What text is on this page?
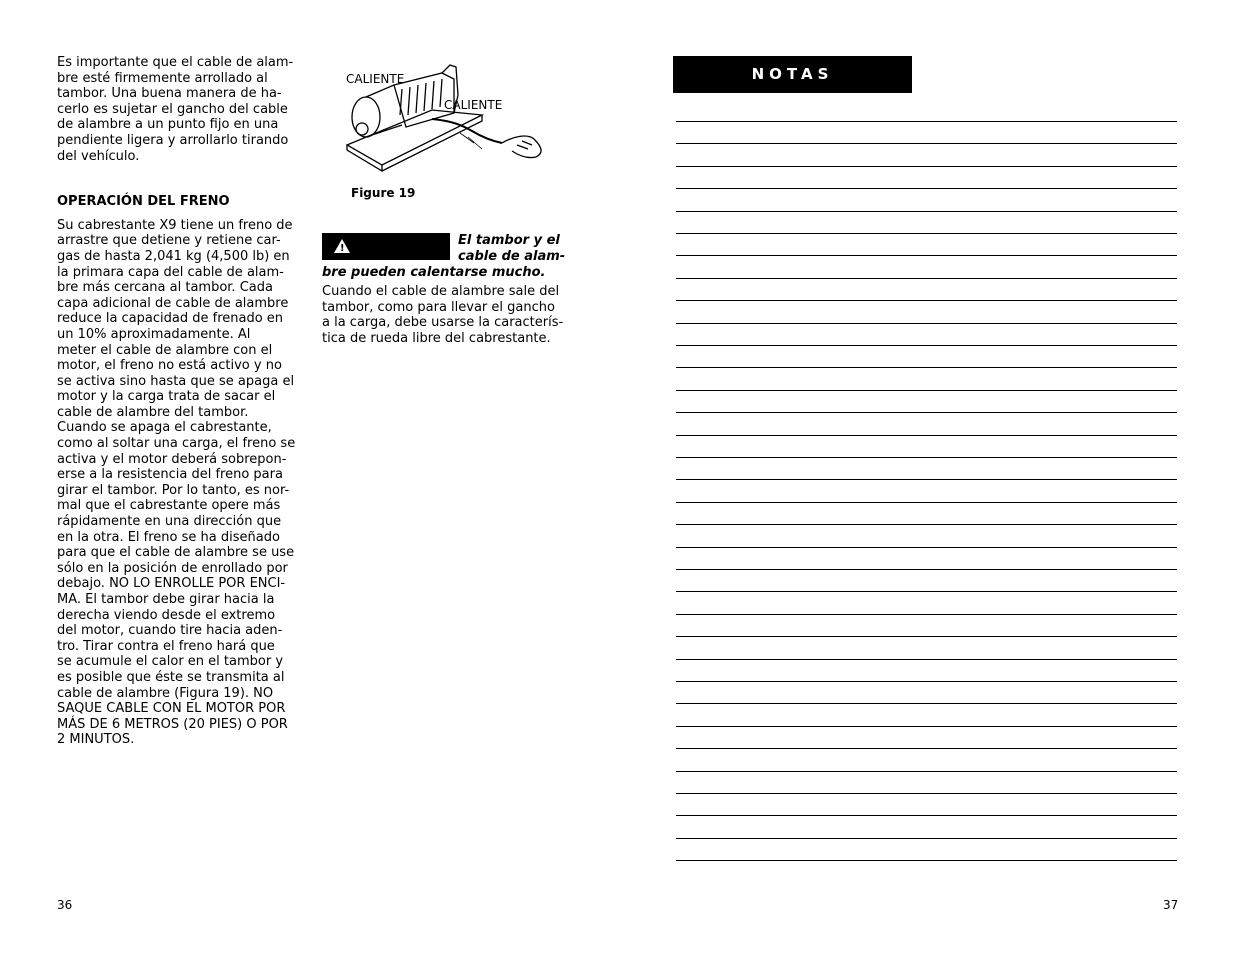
Es importante que el cable de alam-
bre esté firmemente arrollado al
tambor. Una buena manera de ha-
cerlo es sujetar el gancho del cable
de alambre a un punto fijo en una
pendiente ligera y arrollarlo tirando
del vehículo.

OPERACIÓN DEL FRENO

Su cabrestante X9 tiene un freno de
arrastre que detiene y retiene car-
gas de hasta 2,041 kg (4,500 lb) en
la primara capa del cable de alam-
bre más cercana al tambor. Cada
capa adicional de cable de alambre
reduce la capacidad de frenado en
un 10% aproximadamente. Al
meter el cable de alambre con el
motor, el freno no está activo y no
se activa sino hasta que se apaga el
motor y la carga trata de sacar el
cable de alambre del tambor.
Cuando se apaga el cabrestante,
como al soltar una carga, el freno se
activa y el motor deberá sobrepon-
erse a la resistencia del freno para
girar el tambor. Por lo tanto, es nor-
mal que el cabrestante opere más
rápidamente en una dirección que
en la otra. El freno se ha diseñado
para que el cable de alambre se use
sólo en la posición de enrollado por
debajo. NO LO ENROLLE POR ENCI-
MA. El tambor debe girar hacia la
derecha viendo desde el extremo
del motor, cuando tire hacia aden-
tro. Tirar contra el freno hará que
se acumule el calor en el tambor y
es posible que éste se transmita al
cable de alambre (Figura 19). NO
SAQUE CABLE CON EL MOTOR POR
MÁS DE 6 METROS (20 PIES) O POR
2 MINUTOS.

CALIENTE
CALIENTE
Figure 19
!
El tambor y el
cable de alam-
bre pueden calentarse mucho.
Cuando el cable de alambre sale del
tambor, como para llevar el gancho
a la carga, debe usarse la caracterís-
tica de rueda libre del cabrestante.
NOTAS
36	37
